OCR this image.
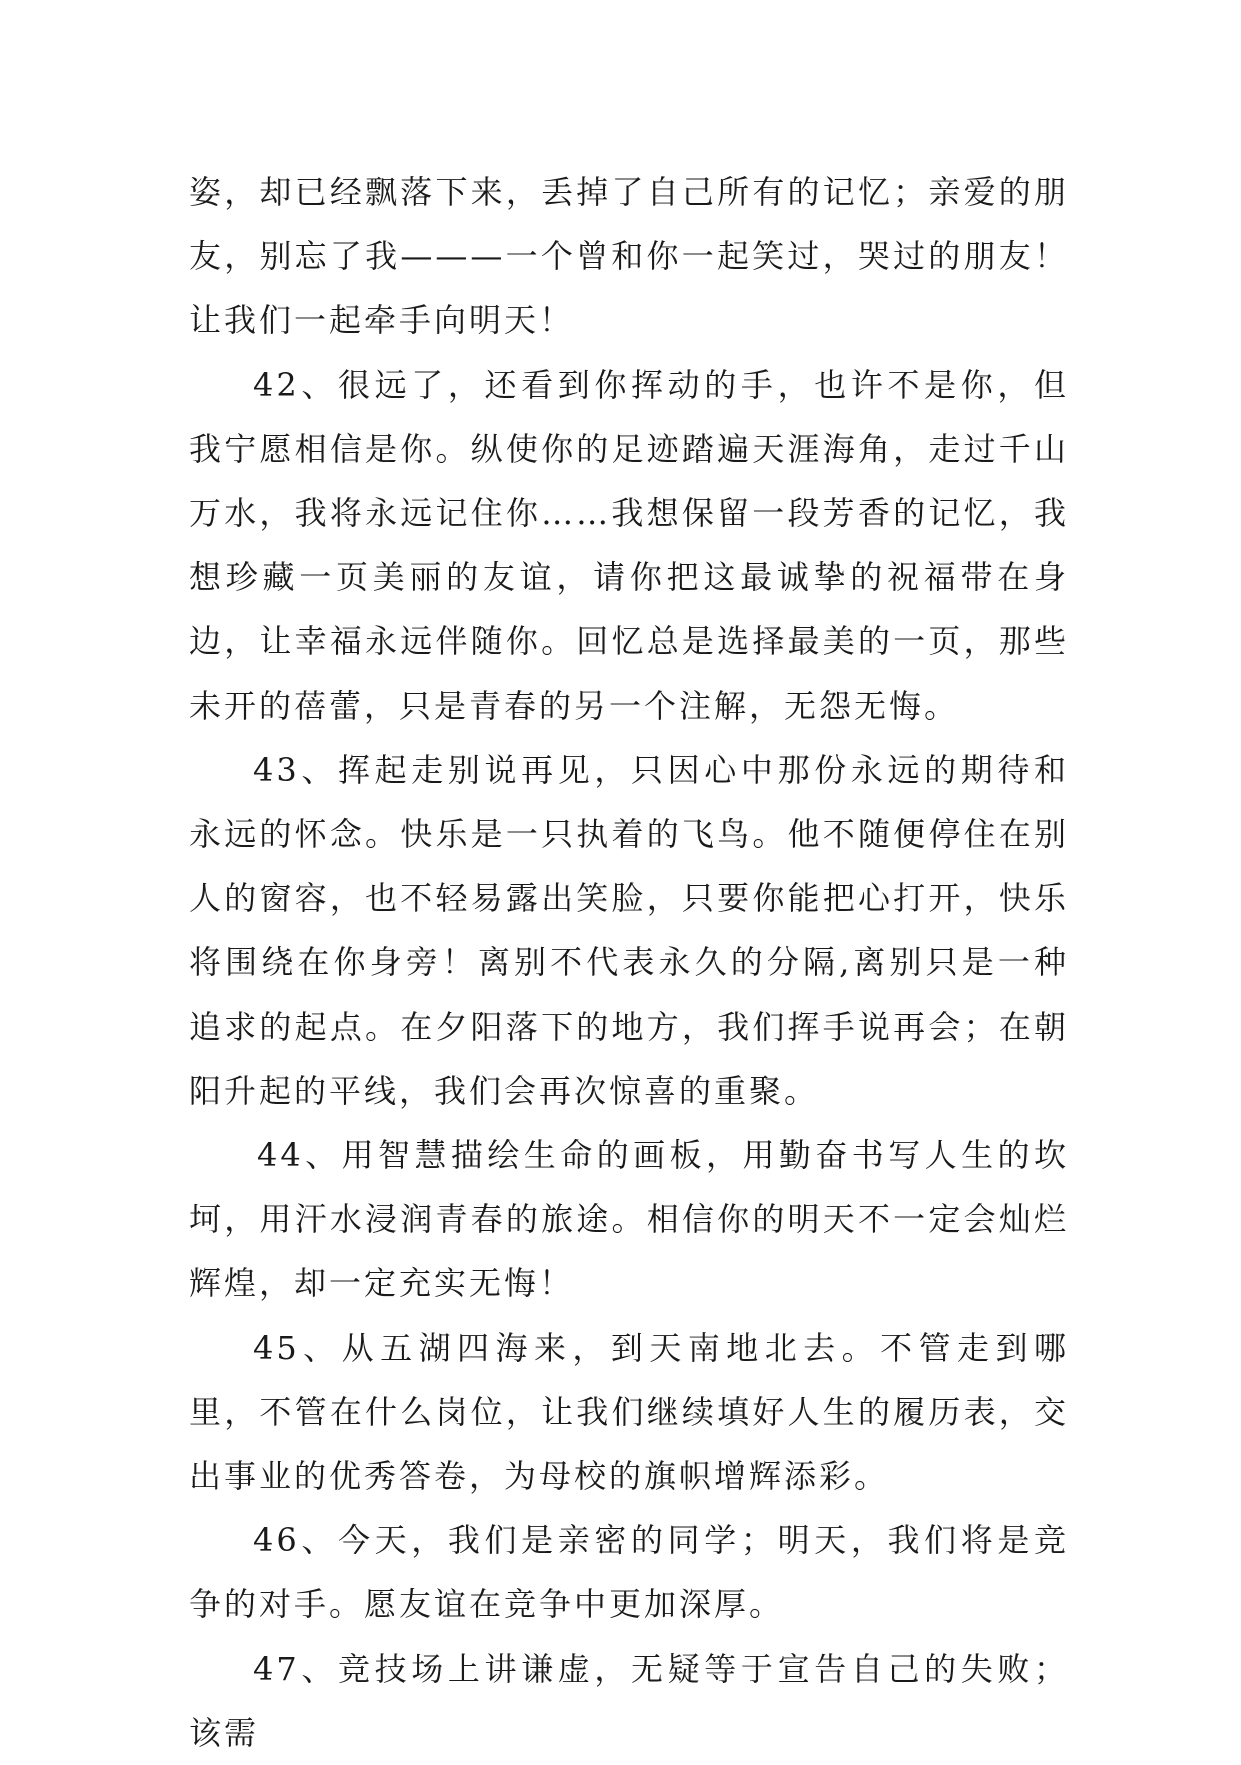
姿，却已经飘落下来，丢掉了自己所有的记忆；亲爱的朋友，别忘了我———一个曾和你一起笑过，哭过的朋友！让我们一起牵手向明天！

42、很远了，还看到你挥动的手，也许不是你，但我宁愿相信是你。纵使你的足迹踏遍天涯海角，走过千山万水，我将永远记住你……我想保留一段芳香的记忆，我想珍藏一页美丽的友谊，请你把这最诚挚的祝福带在身边，让幸福永远伴随你。回忆总是选择最美的一页，那些未开的蓓蕾，只是青春的另一个注解，无怨无悔。

43、挥起走别说再见，只因心中那份永远的期待和永远的怀念。快乐是一只执着的飞鸟。他不随便停住在别人的窗容，也不轻易露出笑脸，只要你能把心打开，快乐将围绕在你身旁！离别不代表永久的分隔,离别只是一种追求的起点。在夕阳落下的地方，我们挥手说再会；在朝阳升起的平线，我们会再次惊喜的重聚。

44、用智慧描绘生命的画板，用勤奋书写人生的坎坷，用汗水浸润青春的旅途。相信你的明天不一定会灿烂辉煌，却一定充实无悔！

45、从五湖四海来，到天南地北去。不管走到哪里，不管在什么岗位，让我们继续填好人生的履历表，交出事业的优秀答卷，为母校的旗帜增辉添彩。

46、今天，我们是亲密的同学；明天，我们将是竞争的对手。愿友谊在竞争中更加深厚。

47、竞技场上讲谦虚，无疑等于宣告自己的失败；该需
